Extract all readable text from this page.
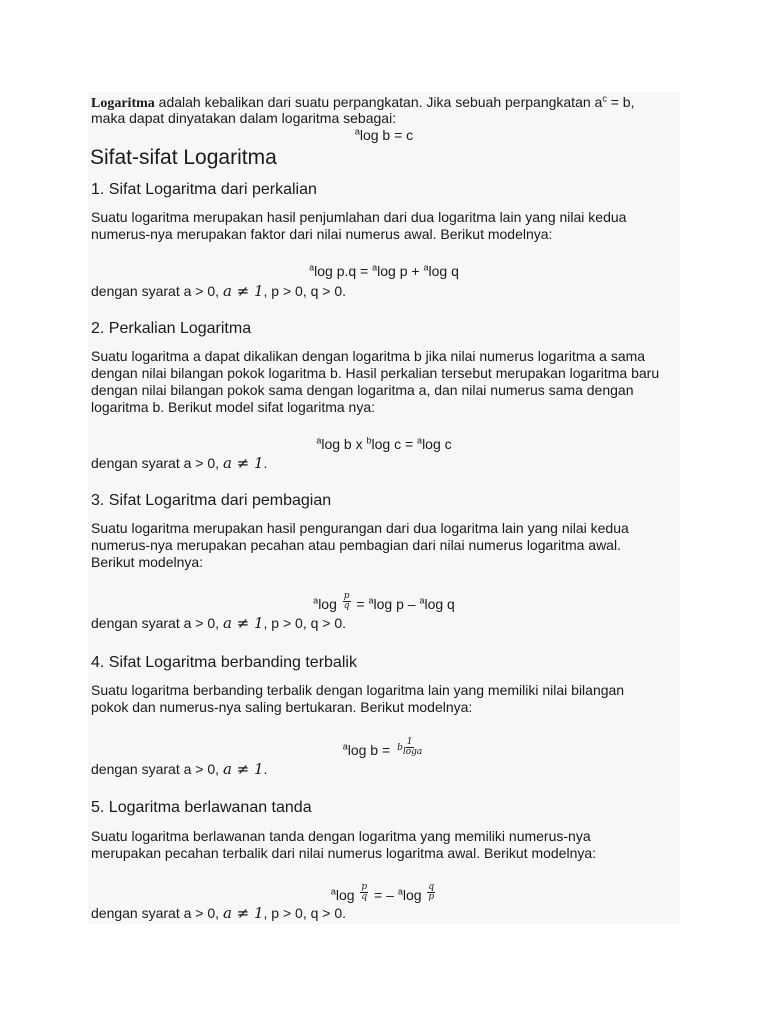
Logaritma adalah kebalikan dari suatu perpangkatan. Jika sebuah perpangkatan $a^c = b$,
maka dapat dinyatakan dalam logaritma sebagai:
$^a$log b = c
Sifat-sifat Logaritma
1. Sifat Logaritma dari perkalian
Suatu logaritma merupakan hasil penjumlahan dari dua logaritma lain yang nilai kedua
numerus-nya merupakan faktor dari nilai numerus awal. Berikut modelnya:
$^a$log p.q = $^a$log p + $^a$log q
dengan syarat a > 0, a ≠ 1, p > 0, q > 0.
2. Perkalian Logaritma
Suatu logaritma a dapat dikalikan dengan logaritma b jika nilai numerus logaritma a sama
dengan nilai bilangan pokok logaritma b. Hasil perkalian tersebut merupakan logaritma baru
dengan nilai bilangan pokok sama dengan logaritma a, dan nilai numerus sama dengan
logaritma b. Berikut model sifat logaritma nya:
$^a$log b x $^b$log c = $^a$log c
dengan syarat a > 0, a ≠ 1.
3. Sifat Logaritma dari pembagian
Suatu logaritma merupakan hasil pengurangan dari dua logaritma lain yang nilai kedua
numerus-nya merupakan pecahan atau pembagian dari nilai numerus logaritma awal.
Berikut modelnya:
$^a\log \frac{p}{q} = ^a\log$ p – $^a$log q
dengan syarat a > 0, a ≠ 1, p > 0, q > 0.
4. Sifat Logaritma berbanding terbalik
Suatu logaritma berbanding terbalik dengan logaritma lain yang memiliki nilai bilangan
pokok dan numerus-nya saling bertukaran. Berikut modelnya:
$^a$log $b = \frac{1}{^b\log a}$
dengan syarat a > 0, a ≠ 1.
5. Logaritma berlawanan tanda
Suatu logaritma berlawanan tanda dengan logaritma yang memiliki numerus-nya
merupakan pecahan terbalik dari nilai numerus logaritma awal. Berikut modelnya:
$^a\log \frac{p}{q}$ = – $^a\log \frac{q}{p}$
dengan syarat a > 0, a ≠ 1, p > 0, q > 0.
